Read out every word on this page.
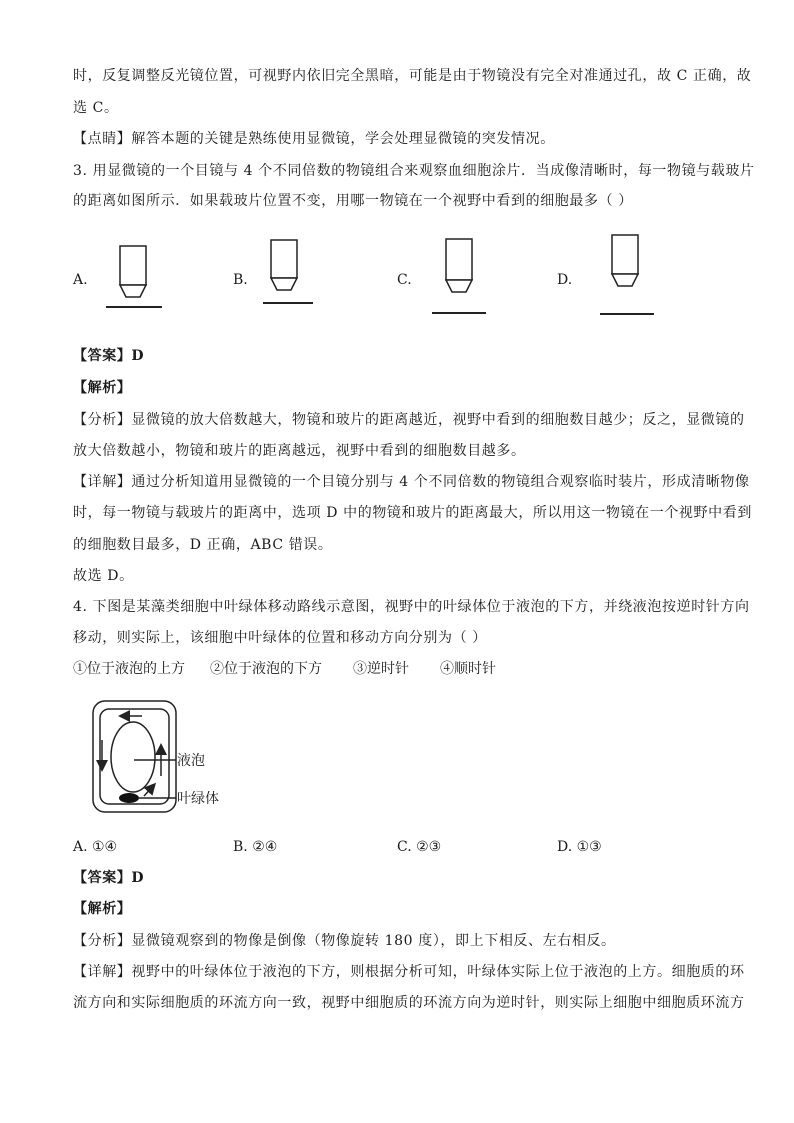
时，反复调整反光镜位置，可视野内依旧完全黑暗，可能是由于物镜没有完全对准通过孔，故 C 正确，故
选 C。
【点睛】解答本题的关键是熟练使用显微镜，学会处理显微镜的突发情况。
3. 用显微镜的一个目镜与 4 个不同倍数的物镜组合来观察血细胞涂片．当成像清晰时，每一物镜与载玻片
的距离如图所示．如果载玻片位置不变，用哪一物镜在一个视野中看到的细胞最多（ ）
A.	B.	C.	D.
【答案】D
【解析】
【分析】显微镜的放大倍数越大，物镜和玻片的距离越近，视野中看到的细胞数目越少；反之，显微镜的
放大倍数越小，物镜和玻片的距离越远，视野中看到的细胞数目越多。
【详解】通过分析知道用显微镜的一个目镜分别与 4 个不同倍数的物镜组合观察临时装片，形成清晰物像
时，每一物镜与载玻片的距离中，选项 D 中的物镜和玻片的距离最大，所以用这一物镜在一个视野中看到
的细胞数目最多，D 正确，ABC 错误。
故选 D。
4. 下图是某藻类细胞中叶绿体移动路线示意图，视野中的叶绿体位于液泡的下方，并绕液泡按逆时针方向
移动，则实际上，该细胞中叶绿体的位置和移动方向分别为（ ）
①位于液泡的上方 ②位于液泡的下方 ③逆时针 ④顺时针
液泡
叶绿体
A. ①④	B. ②④	C. ②③	D. ①③
【答案】D
【解析】
【分析】显微镜观察到的物像是倒像（物像旋转 180 度），即上下相反、左右相反。
【详解】视野中的叶绿体位于液泡的下方，则根据分析可知，叶绿体实际上位于液泡的上方。细胞质的环
流方向和实际细胞质的环流方向一致，视野中细胞质的环流方向为逆时针，则实际上细胞中细胞质环流方
